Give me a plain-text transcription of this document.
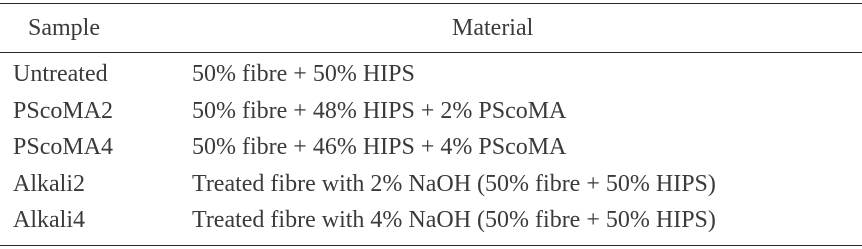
Sample	Material
Untreated	50% fibre + 50% HIPS
PScoMA2	50% fibre + 48% HIPS + 2% PScoMA
PScoMA4	50% fibre + 46% HIPS + 4% PScoMA
Alkali2	Treated fibre with 2% NaOH (50% fibre + 50% HIPS)
Alkali4	Treated fibre with 4% NaOH (50% fibre + 50% HIPS)
